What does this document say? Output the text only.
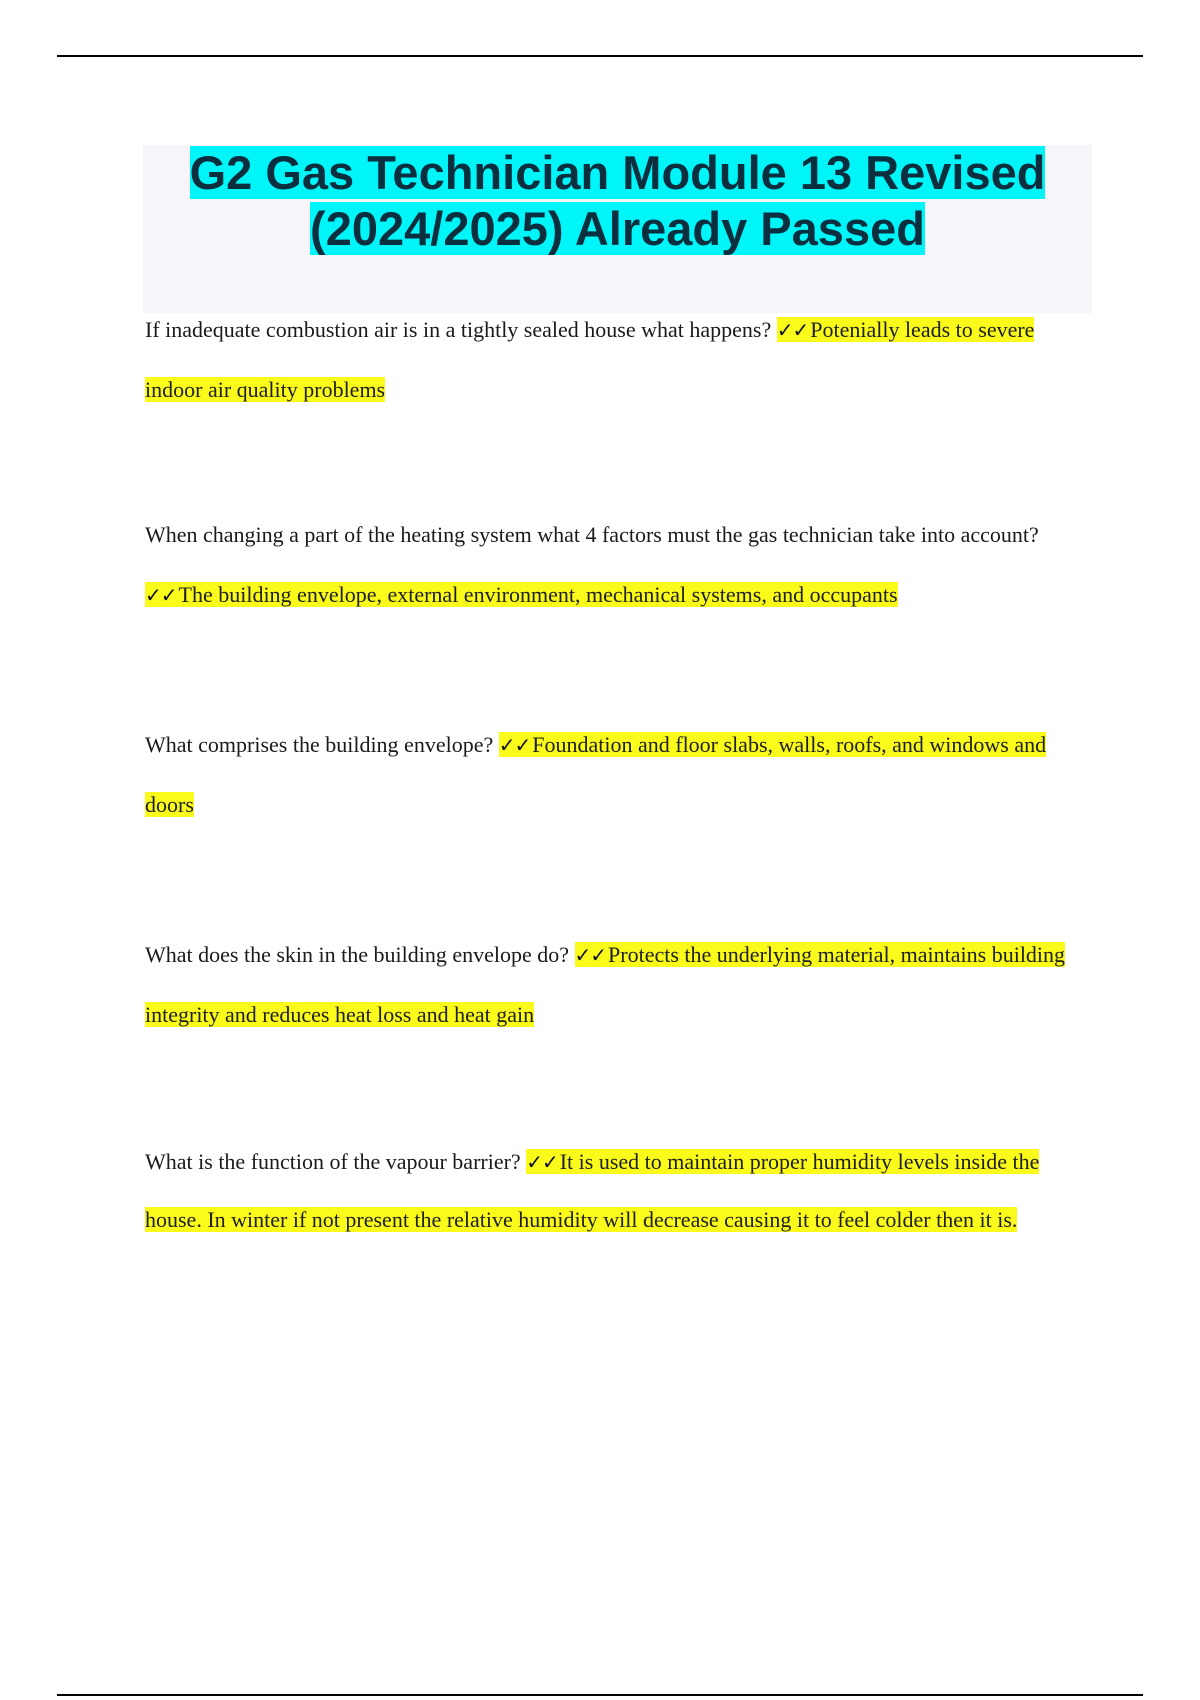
G2 Gas Technician Module 13 Revised (2024/2025) Already Passed

If inadequate combustion air is in a tightly sealed house what happens? ✓✓Potenially leads to severe indoor air quality problems

When changing a part of the heating system what 4 factors must the gas technician take into account? ✓✓The building envelope, external environment, mechanical systems, and occupants

What comprises the building envelope? ✓✓Foundation and floor slabs, walls, roofs, and windows and doors

What does the skin in the building envelope do? ✓✓Protects the underlying material, maintains building integrity and reduces heat loss and heat gain

What is the function of the vapour barrier? ✓✓It is used to maintain proper humidity levels inside the house. In winter if not present the relative humidity will decrease causing it to feel colder then it is.
